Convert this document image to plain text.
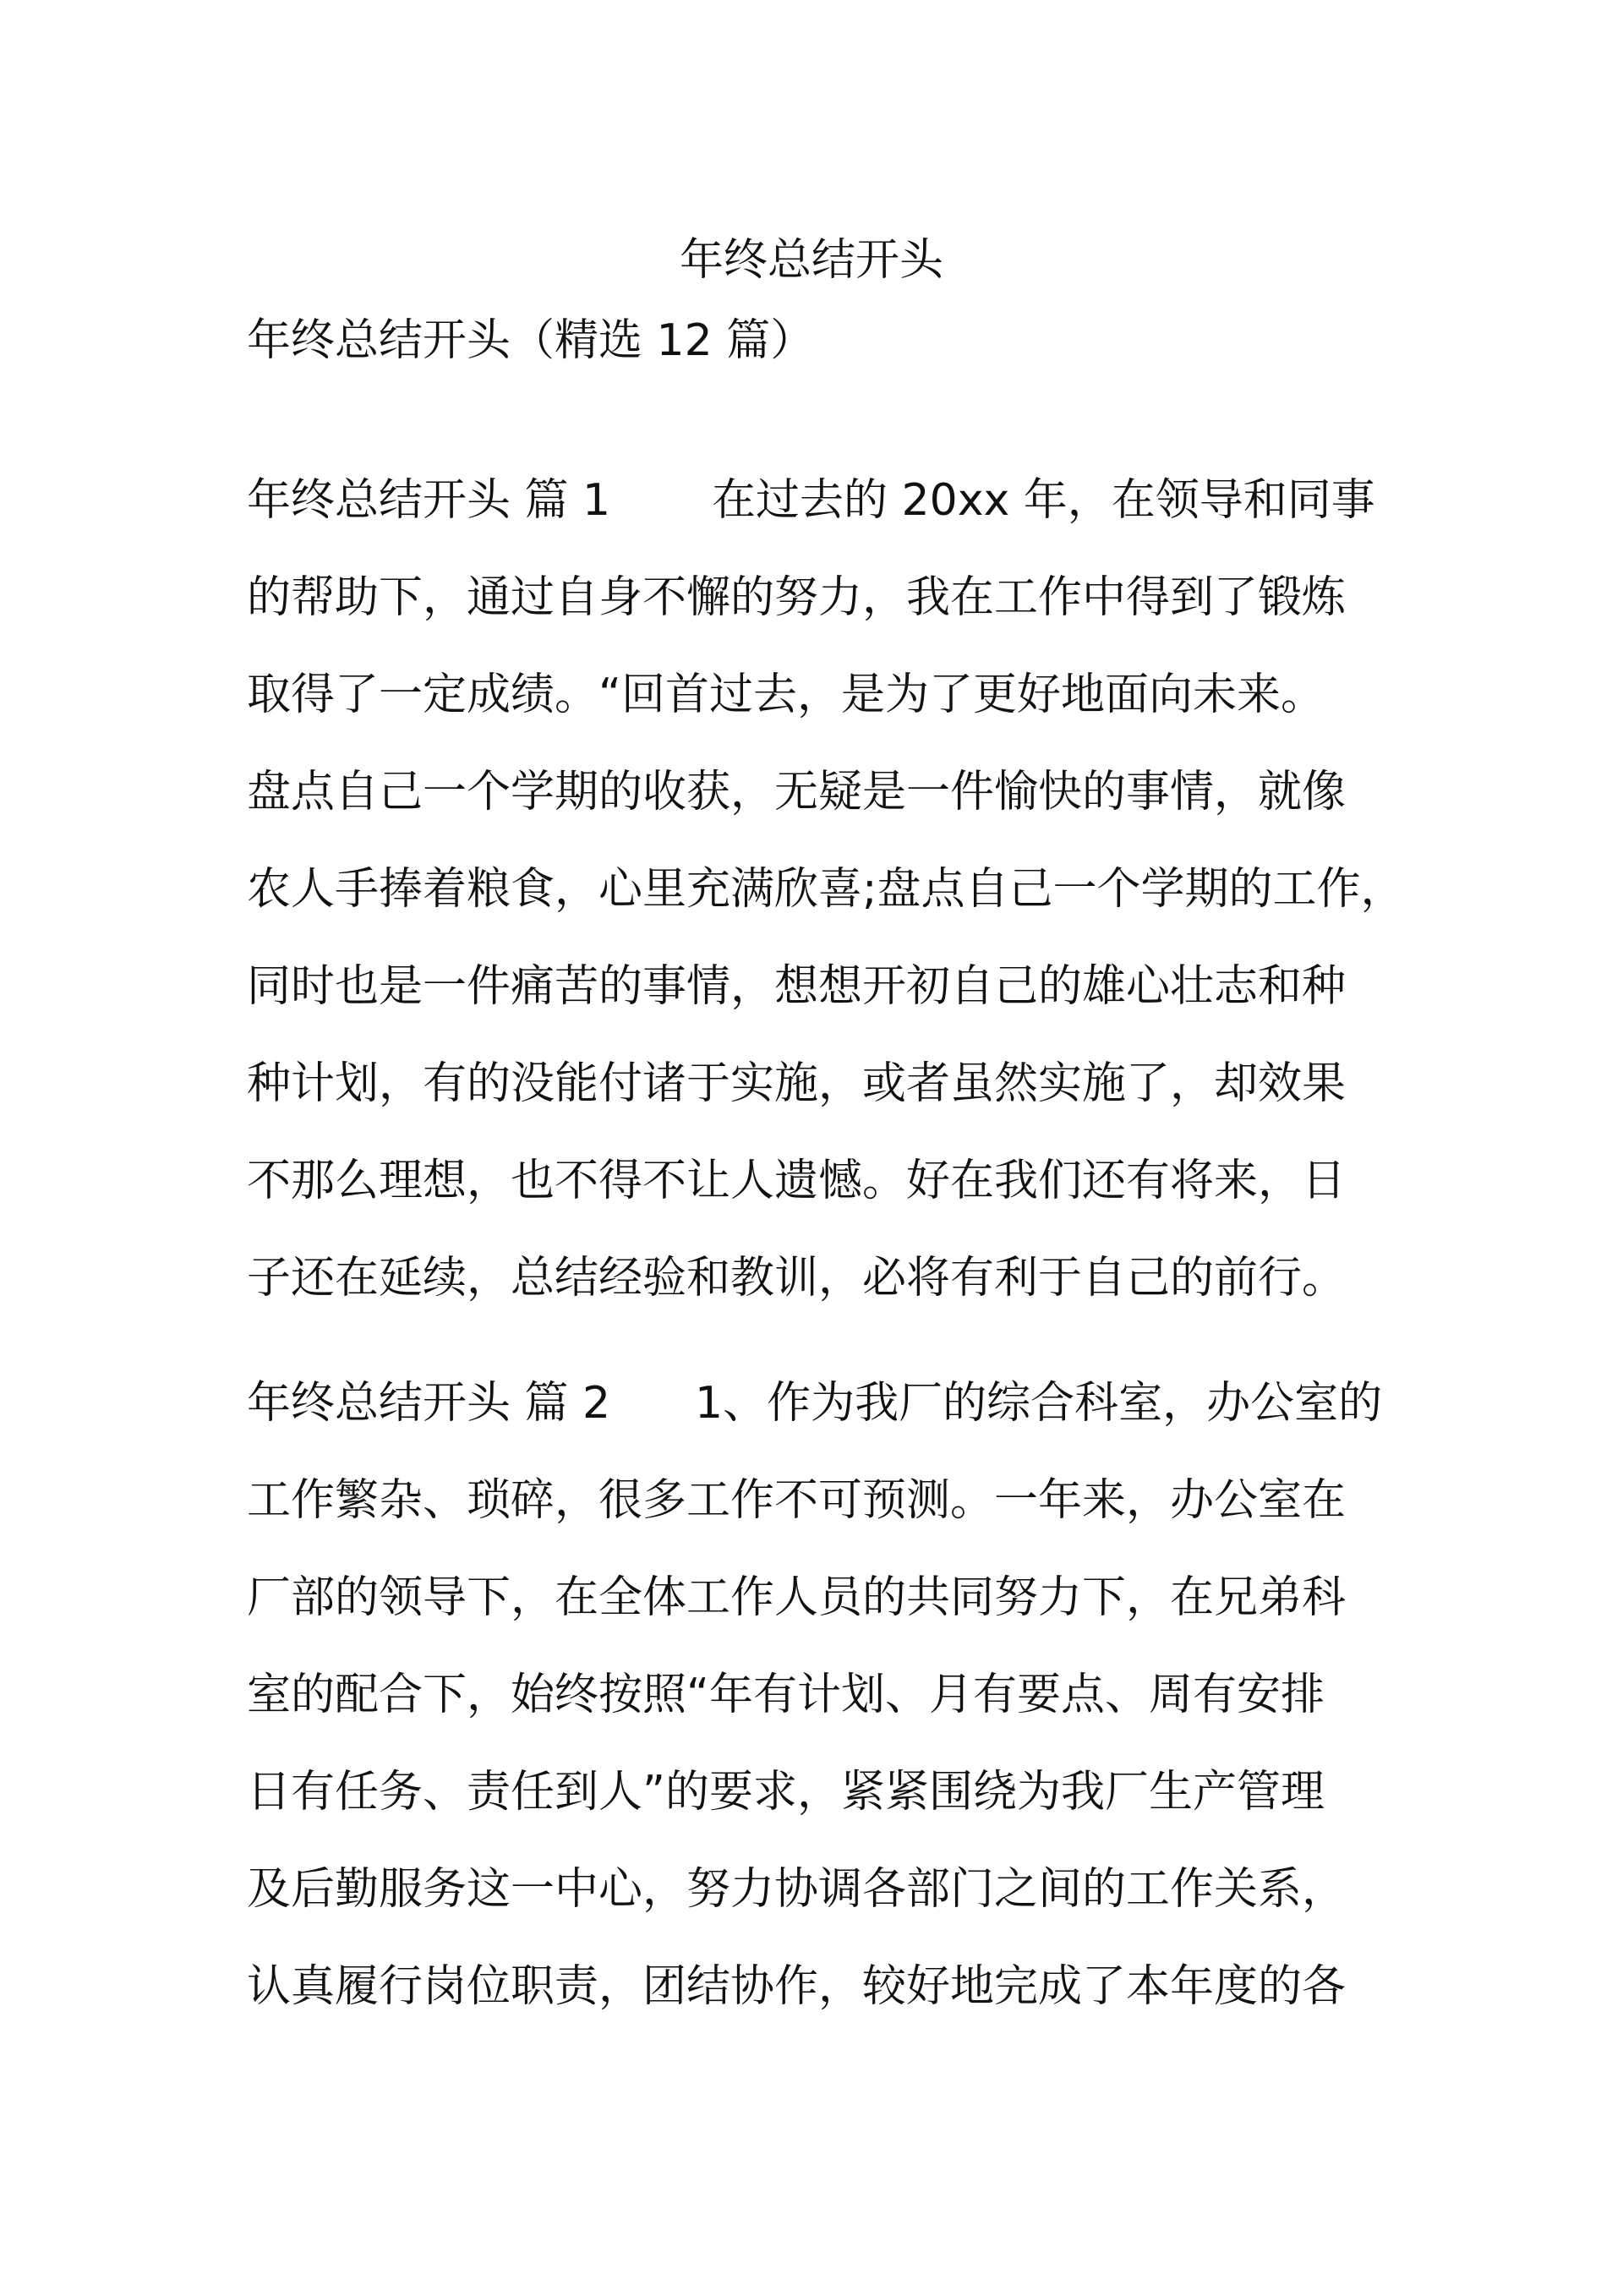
年终总结开头
年终总结开头（精选 12 篇）
年终总结开头 篇 1 在过去的 20xx 年，在领导和同事
的帮助下，通过自身不懈的努力，我在工作中得到了锻炼
取得了一定成绩。“回首过去，是为了更好地面向未来。
盘点自己一个学期的收获，无疑是一件愉快的事情，就像
农人手捧着粮食，心里充满欣喜;盘点自己一个学期的工作，
同时也是一件痛苦的事情，想想开初自己的雄心壮志和种
种计划，有的没能付诸于实施，或者虽然实施了，却效果
不那么理想，也不得不让人遗憾。好在我们还有将来，日
子还在延续，总结经验和教训，必将有利于自己的前行。
年终总结开头 篇 2 1、作为我厂的综合科室，办公室的
工作繁杂、琐碎，很多工作不可预测。一年来，办公室在
厂部的领导下，在全体工作人员的共同努力下，在兄弟科
室的配合下，始终按照“年有计划、月有要点、周有安排
日有任务、责任到人”的要求，紧紧围绕为我厂生产管理
及后勤服务这一中心，努力协调各部门之间的工作关系，
认真履行岗位职责，团结协作，较好地完成了本年度的各
